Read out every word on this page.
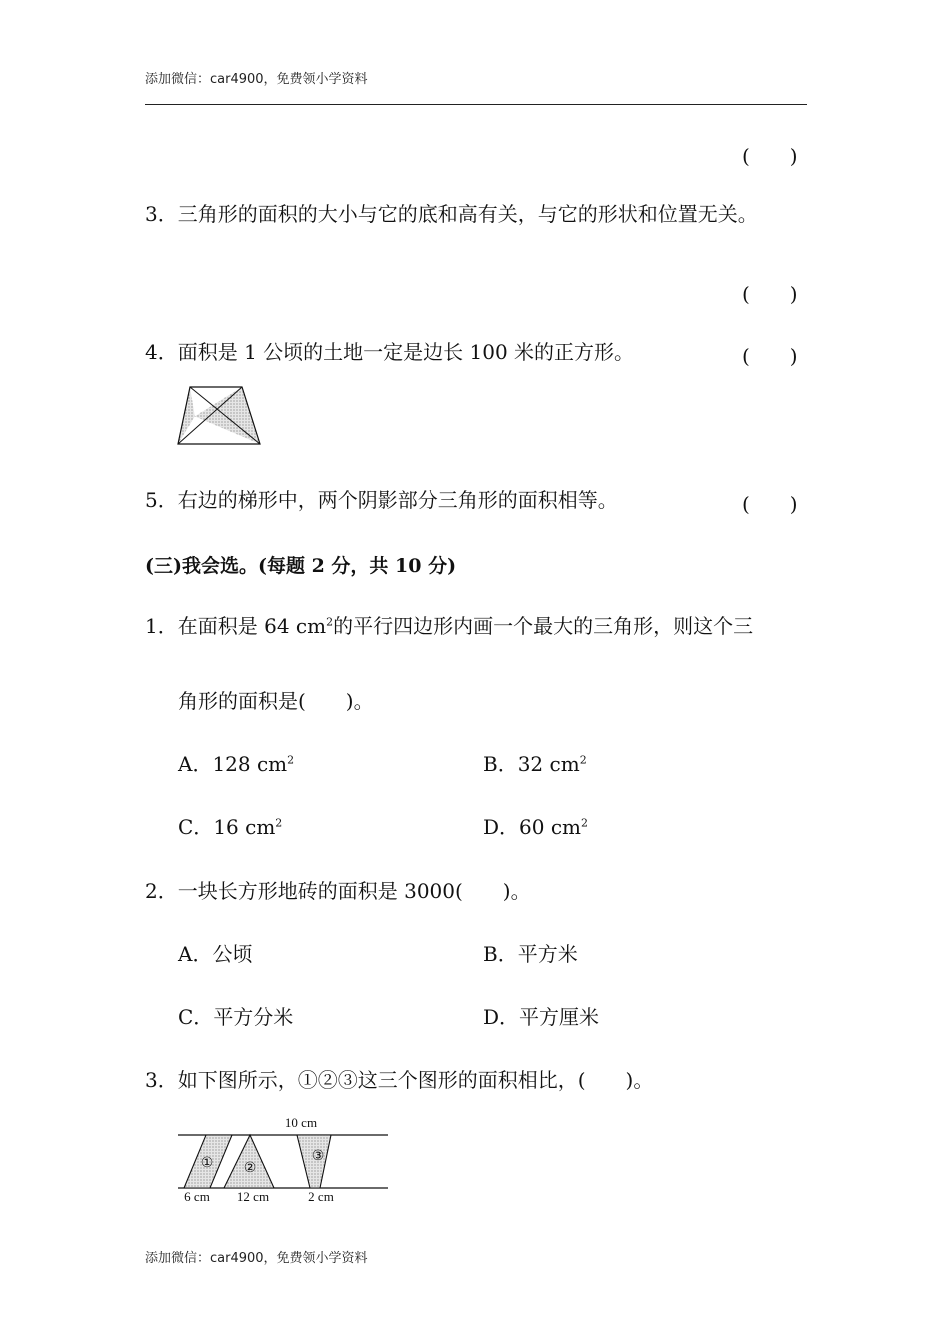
添加微信：car4900，免费领小学资料
(　　)
3．三角形的面积的大小与它的底和高有关，与它的形状和位置无关。
(　　)
4．面积是 1 公顷的土地一定是边长 100 米的正方形。	(　　)
5．右边的梯形中，两个阴影部分三角形的面积相等。	(　　)
(三)我会选。(每题 2 分，共 10 分)
1．在面积是 64 $cm^2$的平行四边形内画一个最大的三角形，则这个三
角形的面积是(　　)。
A．128 $cm^2$	B．32 $cm^2$
C．16 $cm^2$	D．60 $cm^2$
2．一块长方形地砖的面积是 3000(　　)。
A．公顷	B．平方米
C．平方分米	D．平方厘米
3．如下图所示，①②③这三个图形的面积相比，(　　)。
10 cm
① ②
③
6 cm 12 cm	2 cm
添加微信：car4900，免费领小学资料
